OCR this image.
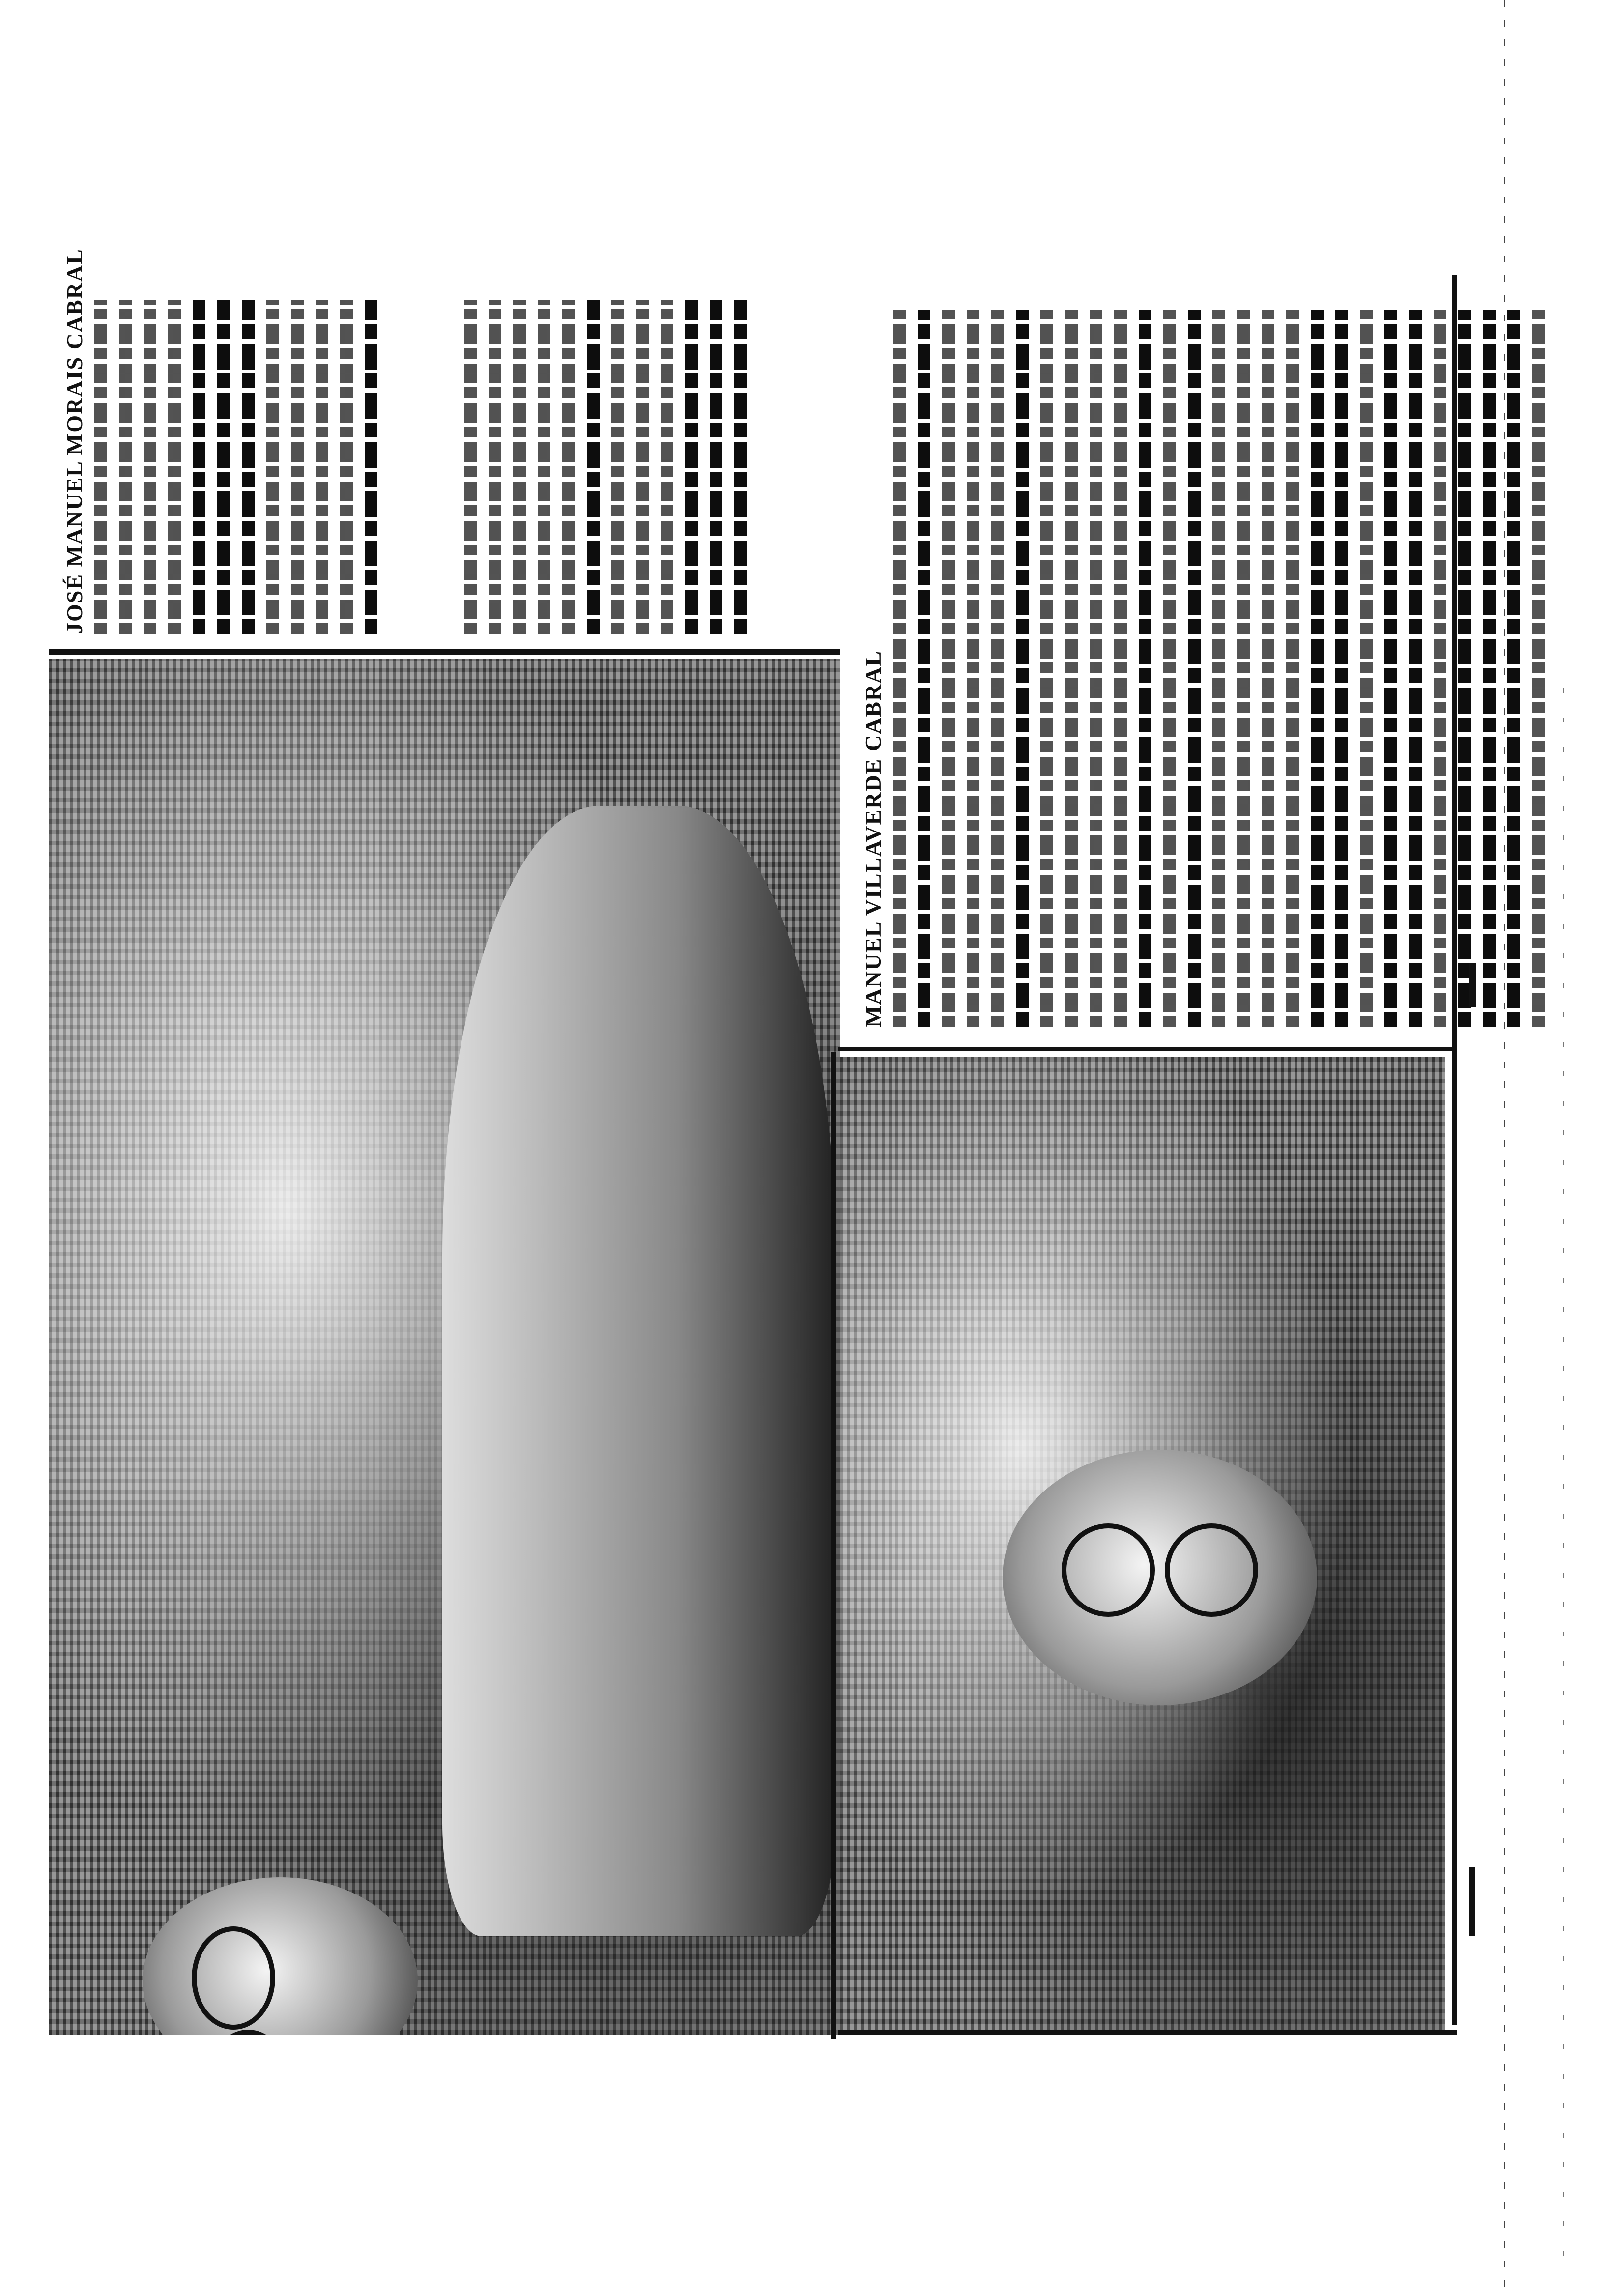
JOSÉ MANUEL MORAIS CABRAL
MANUEL VILLAVERDE CABRAL
